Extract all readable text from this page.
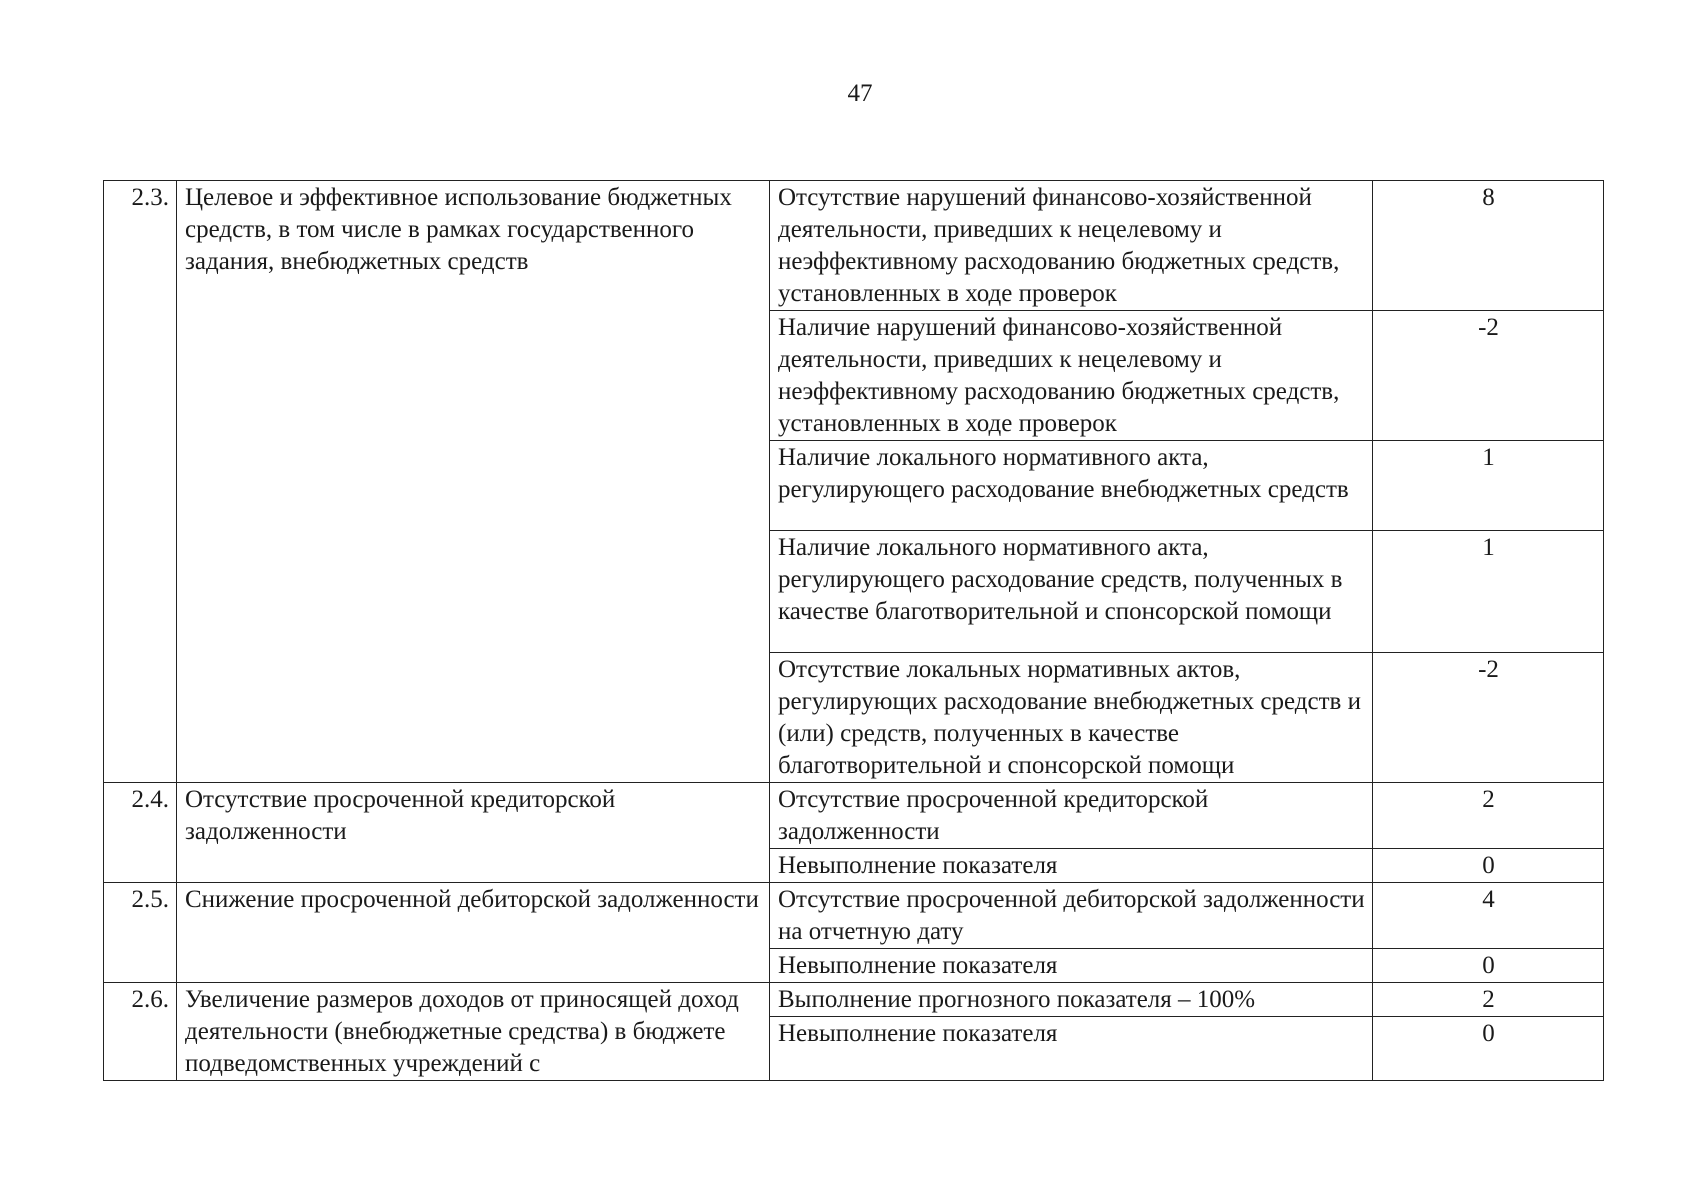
47
2.3.	Целевое и эффективное использование бюджетных средств, в том числе в рамках государственного задания, внебюджетных средств	Отсутствие нарушений финансово-хозяйственной деятельности, приведших к нецелевому и неэффективному расходованию бюджетных средств, установленных в ходе проверок	8
		Наличие нарушений финансово-хозяйственной деятельности, приведших к нецелевому и неэффективному расходованию бюджетных средств, установленных в ходе проверок	-2
		Наличие локального нормативного акта, регулирующего расходование внебюджетных средств	1
		Наличие локального нормативного акта, регулирующего расходование средств, полученных в качестве благотворительной и спонсорской помощи	1
		Отсутствие локальных нормативных актов, регулирующих расходование внебюджетных средств и (или) средств, полученных в качестве благотворительной и спонсорской помощи	-2
2.4.	Отсутствие просроченной кредиторской задолженности	Отсутствие просроченной кредиторской задолженности	2
		Невыполнение показателя	0
2.5.	Снижение просроченной дебиторской задолженности	Отсутствие просроченной дебиторской задолженности на отчетную дату	4
		Невыполнение показателя	0
2.6.	Увеличение размеров доходов от приносящей доход деятельности (внебюджетные средства) в бюджете подведомственных учреждений с	Выполнение прогнозного показателя – 100%	2
		Невыполнение показателя	0
